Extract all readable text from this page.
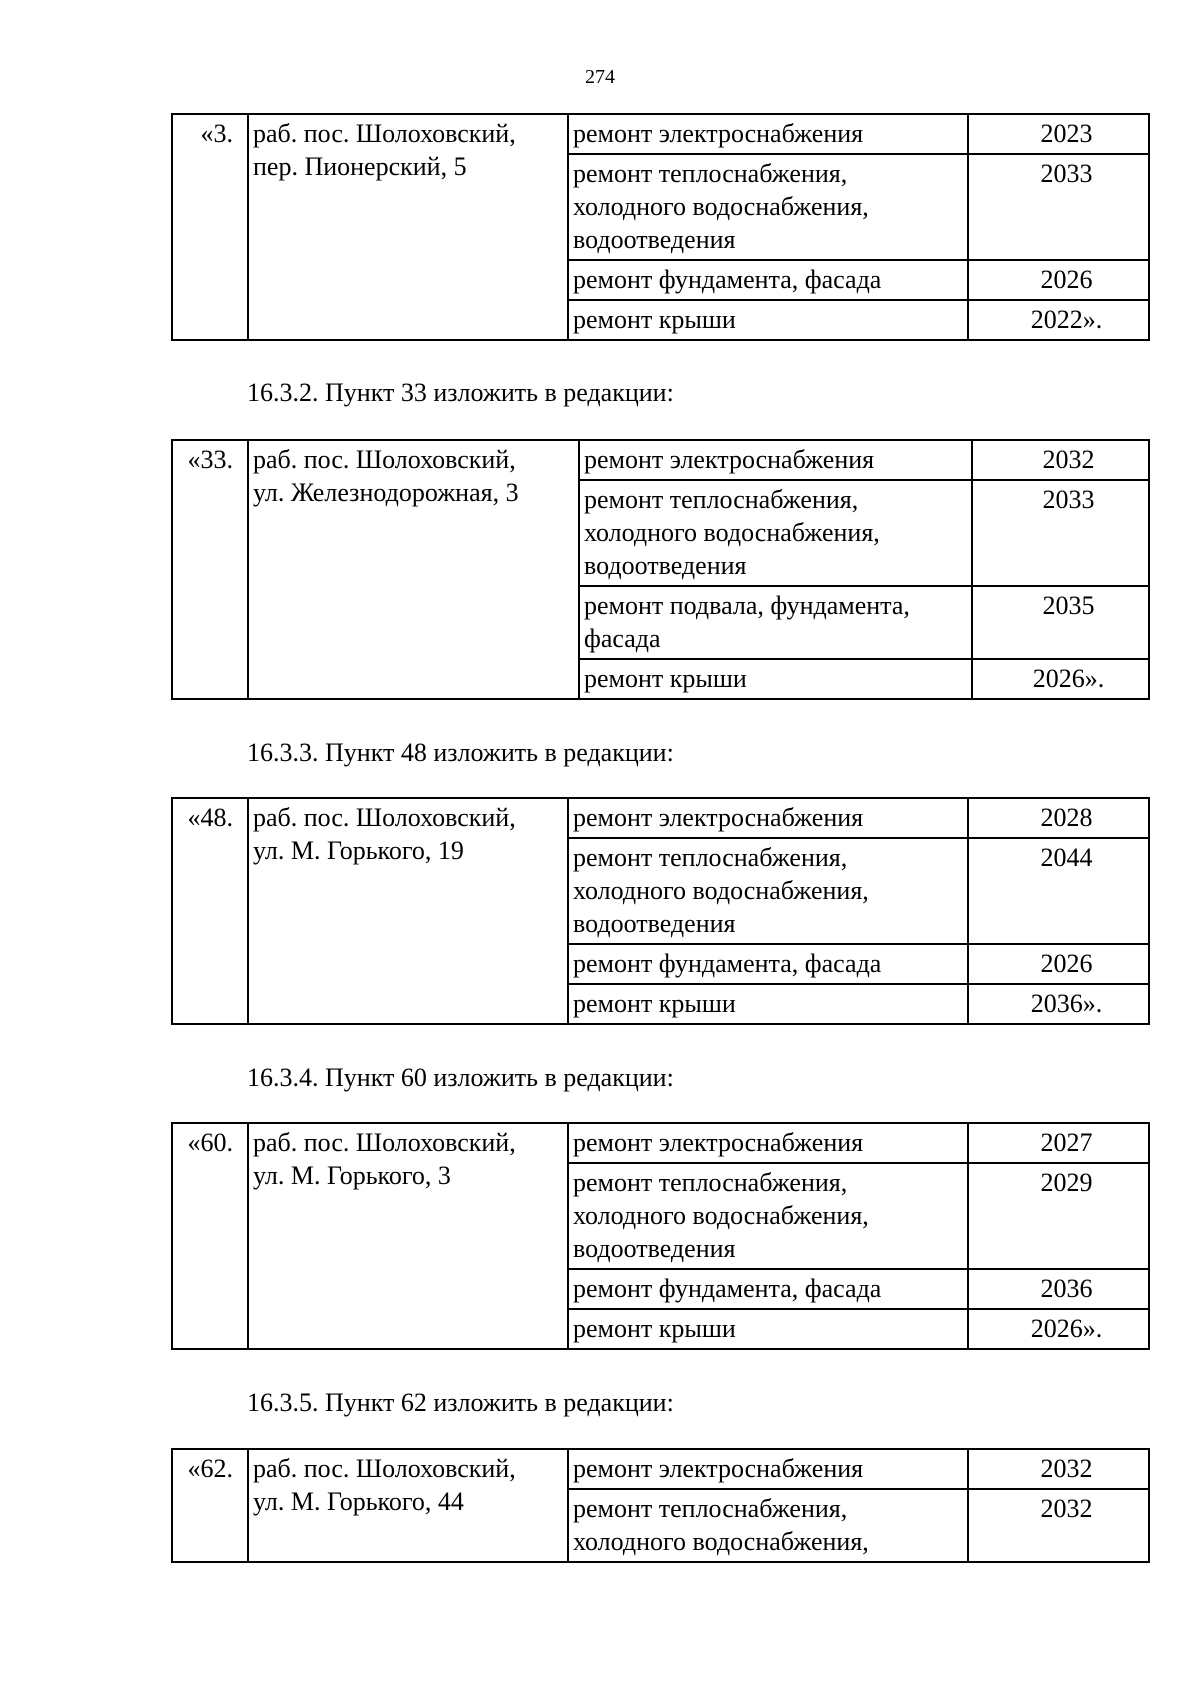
274
16.3.2. Пункт 33 изложить в редакции:
16.3.3. Пункт 48 изложить в редакции:
16.3.4. Пункт 60 изложить в редакции:
16.3.5. Пункт 62 изложить в редакции:
«3.	раб. пос. Шолоховский,
пер. Пионерский, 5	ремонт электроснабжения	2023

		ремонт теплоснабжения,
холодного водоснабжения,
водоотведения	2033

		ремонт фундамента, фасада	2026

		ремонт крыши	2022».
«33.	раб. пос. Шолоховский,
ул. Железнодорожная, 3	ремонт электроснабжения	2032

		ремонт теплоснабжения,
холодного водоснабжения,
водоотведения	2033

		ремонт подвала, фундамента,
фасада	2035

		ремонт крыши	2026».
«48.	раб. пос. Шолоховский,
ул. М. Горького, 19	ремонт электроснабжения	2028

		ремонт теплоснабжения,
холодного водоснабжения,
водоотведения	2044

		ремонт фундамента, фасада	2026

		ремонт крыши	2036».
«60.	раб. пос. Шолоховский,
ул. М. Горького, 3	ремонт электроснабжения	2027

		ремонт теплоснабжения,
холодного водоснабжения,
водоотведения	2029

		ремонт фундамента, фасада	2036

		ремонт крыши	2026».
«62.	раб. пос. Шолоховский,
ул. М. Горького, 44	ремонт электроснабжения	2032

		ремонт теплоснабжения,
холодного водоснабжения,	2032
